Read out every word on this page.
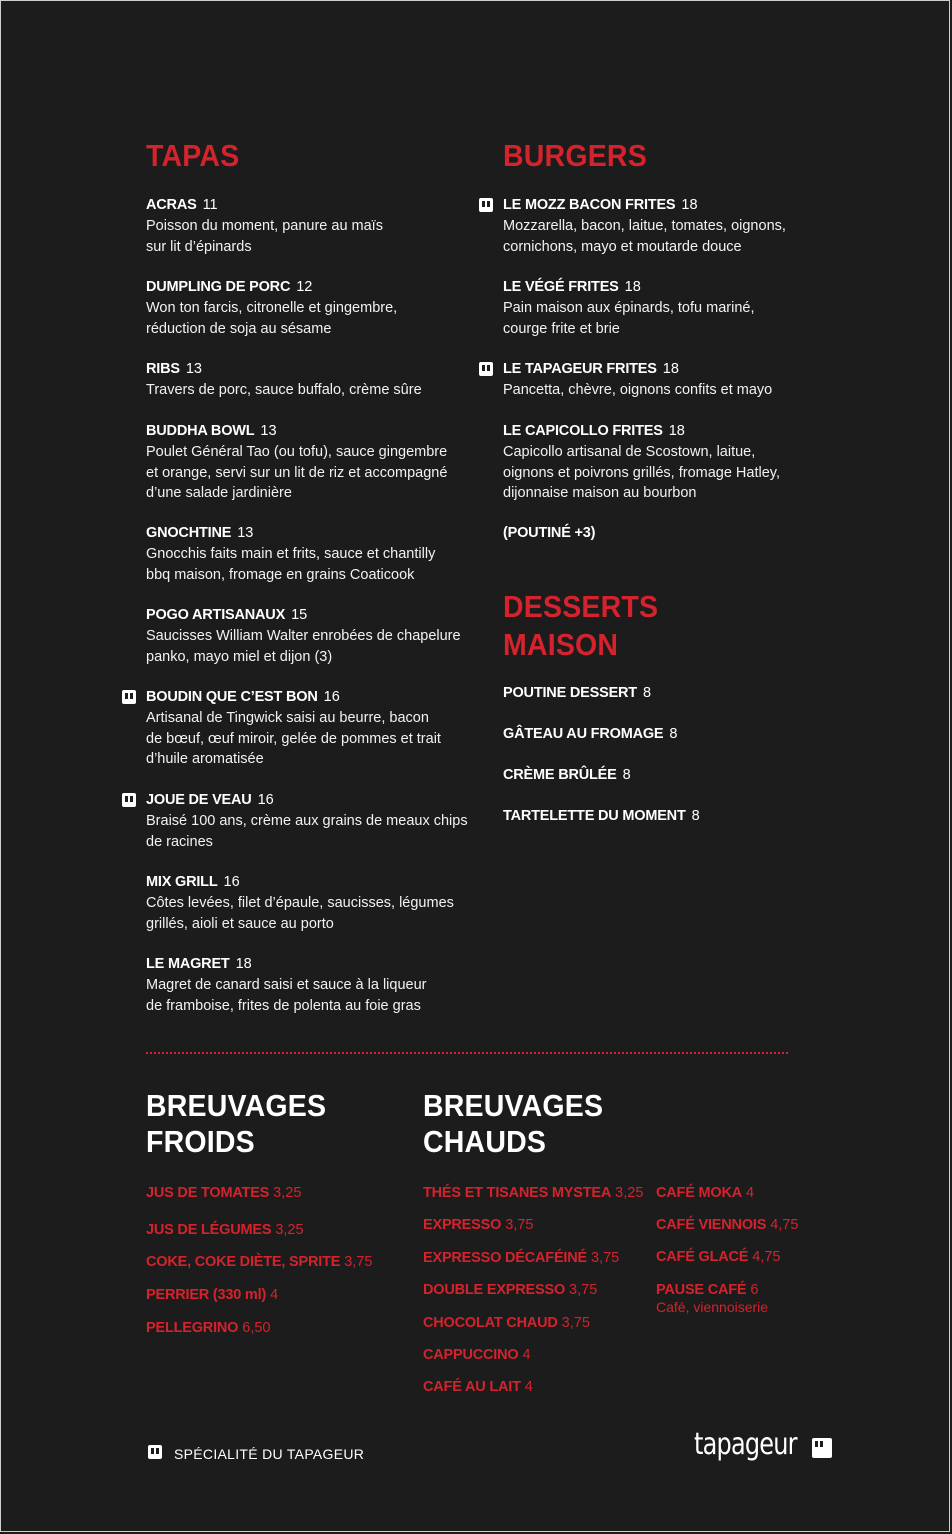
TAPAS
ACRAS 11
Poisson du moment, panure au maïs
sur lit d’épinards
DUMPLING DE PORC 12
Won ton farcis, citronelle et gingembre,
réduction de soja au sésame
RIBS 13
Travers de porc, sauce buffalo, crème sûre
BUDDHA BOWL 13
Poulet Général Tao (ou tofu), sauce gingembre
et orange, servi sur un lit de riz et accompagné
d’une salade jardinière
GNOCHTINE 13
Gnocchis faits main et frits, sauce et chantilly
bbq maison, fromage en grains Coaticook
POGO ARTISANAUX 15
Saucisses William Walter enrobées de chapelure
panko, mayo miel et dijon (3)
BOUDIN QUE C’EST BON 16
Artisanal de Tingwick saisi au beurre, bacon
de bœuf, œuf miroir, gelée de pommes et trait
d’huile aromatisée
JOUE DE VEAU 16
Braisé 100 ans, crème aux grains de meaux chips
de racines
MIX GRILL 16
Côtes levées, filet d’épaule, saucisses, légumes
grillés, aioli et sauce au porto
LE MAGRET 18
Magret de canard saisi et sauce à la liqueur
de framboise, frites de polenta au foie gras
BURGERS
LE MOZZ BACON FRITES 18
Mozzarella, bacon, laitue, tomates, oignons,
cornichons, mayo et moutarde douce
LE VÉGÉ FRITES 18
Pain maison aux épinards, tofu mariné,
courge frite et brie
LE TAPAGEUR FRITES 18
Pancetta, chèvre, oignons confits et mayo
LE CAPICOLLO FRITES 18
Capicollo artisanal de Scostown, laitue,
oignons et poivrons grillés, fromage Hatley,
dijonnaise maison au bourbon
(POUTINÉ +3)
DESSERTS
MAISON
POUTINE DESSERT 8
GÂTEAU AU FROMAGE 8
CRÈME BRÛLÉE 8
TARTELETTE DU MOMENT 8
BREUVAGES
FROIDS
JUS DE TOMATES 3,25
JUS DE LÉGUMES 3,25
COKE, COKE DIÈTE, SPRITE 3,75
PERRIER (330 ml) 4
PELLEGRINO 6,50
BREUVAGES
CHAUDS
THÉS ET TISANES MYSTEA 3,25
EXPRESSO 3,75
EXPRESSO DÉCAFÉINÉ 3,75
DOUBLE EXPRESSO 3,75
CHOCOLAT CHAUD 3,75
CAPPUCCINO 4
CAFÉ AU LAIT 4
CAFÉ MOKA 4
CAFÉ VIENNOIS 4,75
CAFÉ GLACÉ 4,75
PAUSE CAFÉ 6
Café, viennoiserie
SPÉCIALITÉ DU TAPAGEUR	tapageur
